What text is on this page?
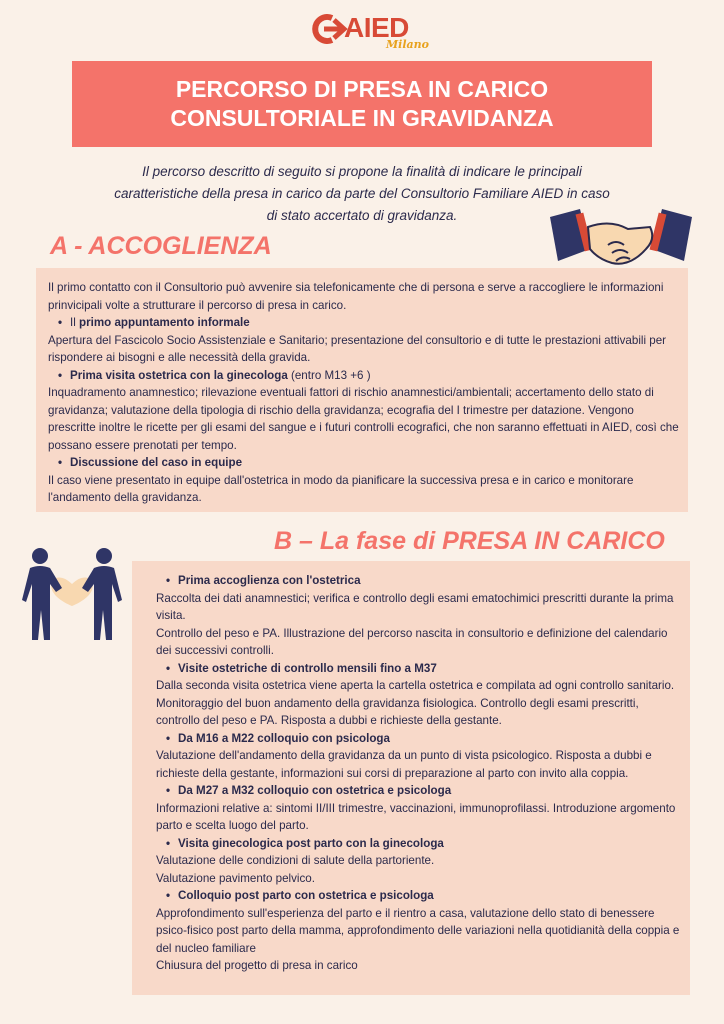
AIED
Milano
PERCORSO DI PRESA IN CARICO
CONSULTORIALE IN GRAVIDANZA
Il percorso descritto di seguito si propone la finalità di indicare le principali
caratteristiche della presa in carico da parte del Consultorio Familiare AIED in caso
di stato accertato di gravidanza.
A - ACCOGLIENZA

Il primo contatto con il Consultorio può avvenire sia telefonicamente che di persona e serve a raccogliere le informazioni prinvicipali volte a strutturare il percorso di presa in carico.

• Il primo appuntamento informale

Apertura del Fascicolo Socio Assistenziale e Sanitario; presentazione del consultorio e di tutte le prestazioni attivabili per rispondere ai bisogni e alle necessità della gravida.

• Prima visita ostetrica con la ginecologa (entro M13 +6 )

Inquadramento anamnestico; rilevazione eventuali fattori di rischio anamnestici/ambientali; accertamento dello stato di gravidanza; valutazione della tipologia di rischio della gravidanza; ecografia del I trimestre per datazione. Vengono prescritte inoltre le ricette per gli esami del sangue e i futuri controlli ecografici, che non saranno effettuati in AIED, così che possano essere prenotati per tempo.

• Discussione del caso in equipe

Il caso viene presentato in equipe dall'ostetrica in modo da pianificare la successiva presa e in carico e monitorare l'andamento della gravidanza.

B – La fase di PRESA IN CARICO

• Prima accoglienza con l'ostetrica

Raccolta dei dati anamnestici; verifica e controllo degli esami ematochimici prescritti durante la prima visita.

Controllo del peso e PA. Illustrazione del percorso nascita in consultorio e definizione del calendario dei successivi controlli.

• Visite ostetriche di controllo mensili fino a M37

Dalla seconda visita ostetrica viene aperta la cartella ostetrica e compilata ad ogni controllo sanitario.

Monitoraggio del buon andamento della gravidanza fisiologica. Controllo degli esami prescritti, controllo del peso e PA. Risposta a dubbi e richieste della gestante.

• Da M16 a M22 colloquio con psicologa

Valutazione dell'andamento della gravidanza da un punto di vista psicologico. Risposta a dubbi e richieste della gestante, informazioni sui corsi di preparazione al parto con invito alla coppia.

• Da M27 a M32 colloquio con ostetrica e psicologa

Informazioni relative a: sintomi II/III trimestre, vaccinazioni, immunoprofilassi. Introduzione argomento parto e scelta luogo del parto.

• Visita ginecologica post parto con la ginecologa

Valutazione delle condizioni di salute della partoriente.

Valutazione pavimento pelvico.

• Colloquio post parto con ostetrica e psicologa

Approfondimento sull'esperienza del parto e il rientro a casa, valutazione dello stato di benessere psico-fisico post parto della mamma, approfondimento delle variazioni nella quotidianità della coppia e del nucleo familiare

Chiusura del progetto di presa in carico
